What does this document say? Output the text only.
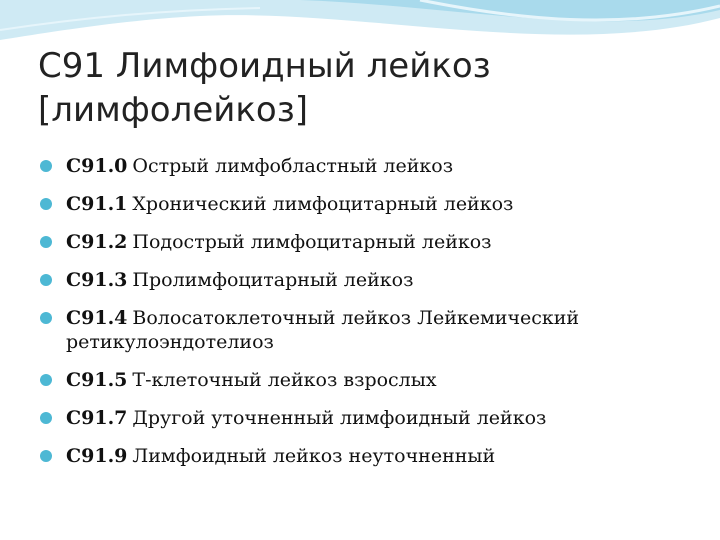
С91 Лимфоидный лейкоз
[лимфолейкоз]
C91.0 Острый лимфобластный лейкоз
C91.1 Хронический лимфоцитарный лейкоз
C91.2 Подострый лимфоцитарный лейкоз
C91.3 Пролимфоцитарный лейкоз
C91.4 Волосатоклеточный лейкоз Лейкемический ретикулоэндотелиоз
C91.5 Т-клеточный лейкоз взрослых
C91.7 Другой уточненный лимфоидный лейкоз
C91.9 Лимфоидный лейкоз неуточненный
